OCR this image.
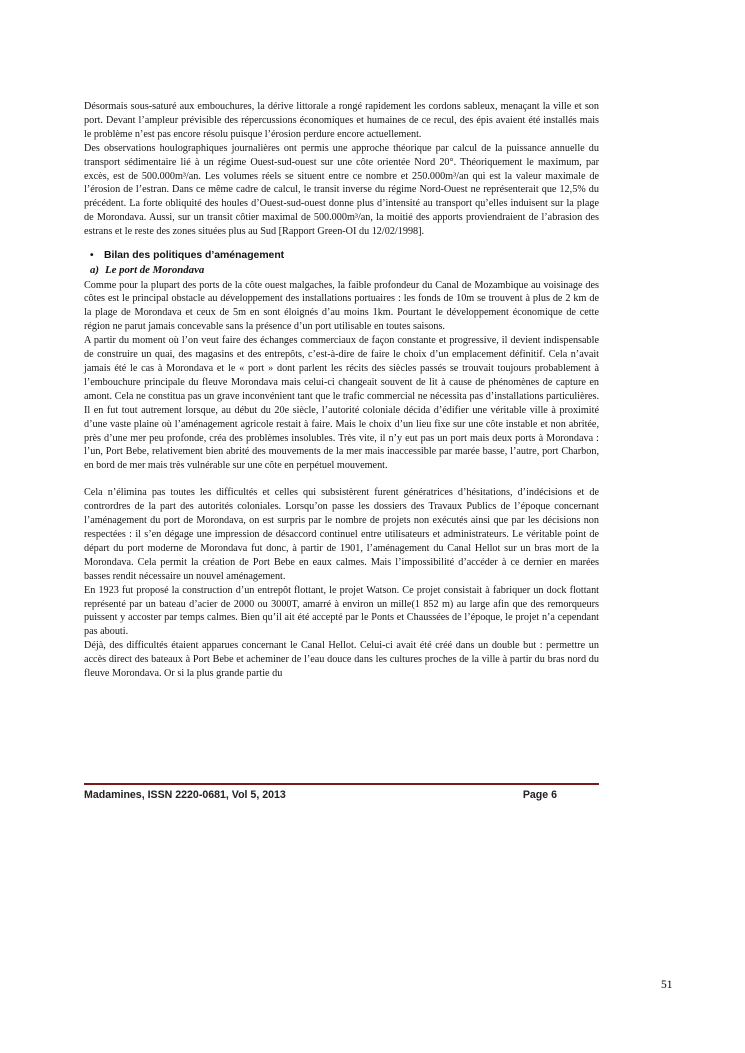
Désormais sous-saturé aux embouchures, la dérive littorale a rongé rapidement les cordons sableux, menaçant la ville et son port. Devant l’ampleur prévisible des répercussions économiques et humaines de ce recul, des épis avaient été installés mais le problème n’est pas encore résolu puisque l’érosion perdure encore actuellement.

Des observations houlographiques journalières ont permis une approche théorique par calcul de la puissance annuelle du transport sédimentaire lié à un régime Ouest-sud-ouest sur une côte orientée Nord 20°. Théoriquement le maximum, par excès, est de 500.000m³/an. Les volumes réels se situent entre ce nombre et 250.000m³/an qui est la valeur maximale de l’érosion de l’estran. Dans ce même cadre de calcul, le transit inverse du régime Nord-Ouest ne représenterait que 12,5% du précédent. La forte obliquité des houles d’Ouest-sud-ouest donne plus d’intensité au transport qu’elles induisent sur la plage de Morondava. Aussi, sur un transit côtier maximal de 500.000m³/an, la moitié des apports proviendraient de l’abrasion des estrans et le reste des zones situées plus au Sud [Rapport Green-OI du 12/02/1998].

•	Bilan des politiques d’aménagement
a) Le port de Morondava

Comme pour la plupart des ports de la côte ouest malgaches, la faible profondeur du Canal de Mozambique au voisinage des côtes est le principal obstacle au développement des installations portuaires : les fonds de 10m se trouvent à plus de 2 km de la plage de Morondava et ceux de 5m en sont éloignés d’au moins 1km. Pourtant le développement économique de cette région ne parut jamais concevable sans la présence d’un port utilisable en toutes saisons.

A partir du moment où l’on veut faire des échanges commerciaux de façon constante et progressive, il devient indispensable de construire un quai, des magasins et des entrepôts, c’est-à-dire de faire le choix d’un emplacement définitif. Cela n’avait jamais été le cas à Morondava et le « port » dont parlent les récits des siècles passés se trouvait toujours probablement à l’embouchure principale du fleuve Morondava mais celui-ci changeait souvent de lit à cause de phénomènes de capture en amont. Cela ne constitua pas un grave inconvénient tant que le trafic commercial ne nécessita pas d’installations particulières. Il en fut tout autrement lorsque, au début du 20e siècle, l’autorité coloniale décida d’édifier une véritable ville à proximité d’une vaste plaine où l’aménagement agricole restait à faire. Mais le choix d’un lieu fixe sur une côte instable et non abritée, près d’une mer peu profonde, créa des problèmes insolubles. Très vite, il n’y eut pas un port mais deux ports à Morondava : l’un, Port Bebe, relativement bien abrité des mouvements de la mer mais inaccessible par marée basse, l’autre, port Charbon, en bord de mer mais très vulnérable sur une côte en perpétuel mouvement.

Cela n’élimina pas toutes les difficultés et celles qui subsistèrent furent génératrices d’hésitations, d’indécisions et de contrordres de la part des autorités coloniales. Lorsqu’on passe les dossiers des Travaux Publics de l’époque concernant l’aménagement du port de Morondava, on est surpris par le nombre de projets non exécutés ainsi que par les décisions non respectées : il s’en dégage une impression de désaccord continuel entre utilisateurs et administrateurs. Le véritable point de départ du port moderne de Morondava fut donc, à partir de 1901, l’aménagement du Canal Hellot sur un bras mort de la Morondava. Cela permit la création de Port Bebe en eaux calmes. Mais l’impossibilité d’accéder à ce dernier en marées basses rendit nécessaire un nouvel aménagement.

En 1923 fut proposé la construction d’un entrepôt flottant, le projet Watson. Ce projet consistait à fabriquer un dock flottant représenté par un bateau d’acier de 2000 ou 3000T, amarré à environ un mille(1 852 m) au large afin que des remorqueurs puissent y accoster par temps calmes. Bien qu’il ait été accepté par le Ponts et Chaussées de l’époque, le projet n’a cependant pas abouti.

Déjà, des difficultés étaient apparues concernant le Canal Hellot. Celui-ci avait été créé dans un double but : permettre un accès direct des bateaux à Port Bebe et acheminer de l’eau douce dans les cultures proches de la ville à partir du bras nord du fleuve Morondava. Or si la plus grande partie du

Madamines, ISSN 2220-0681, Vol 5, 2013	Page 6
51
